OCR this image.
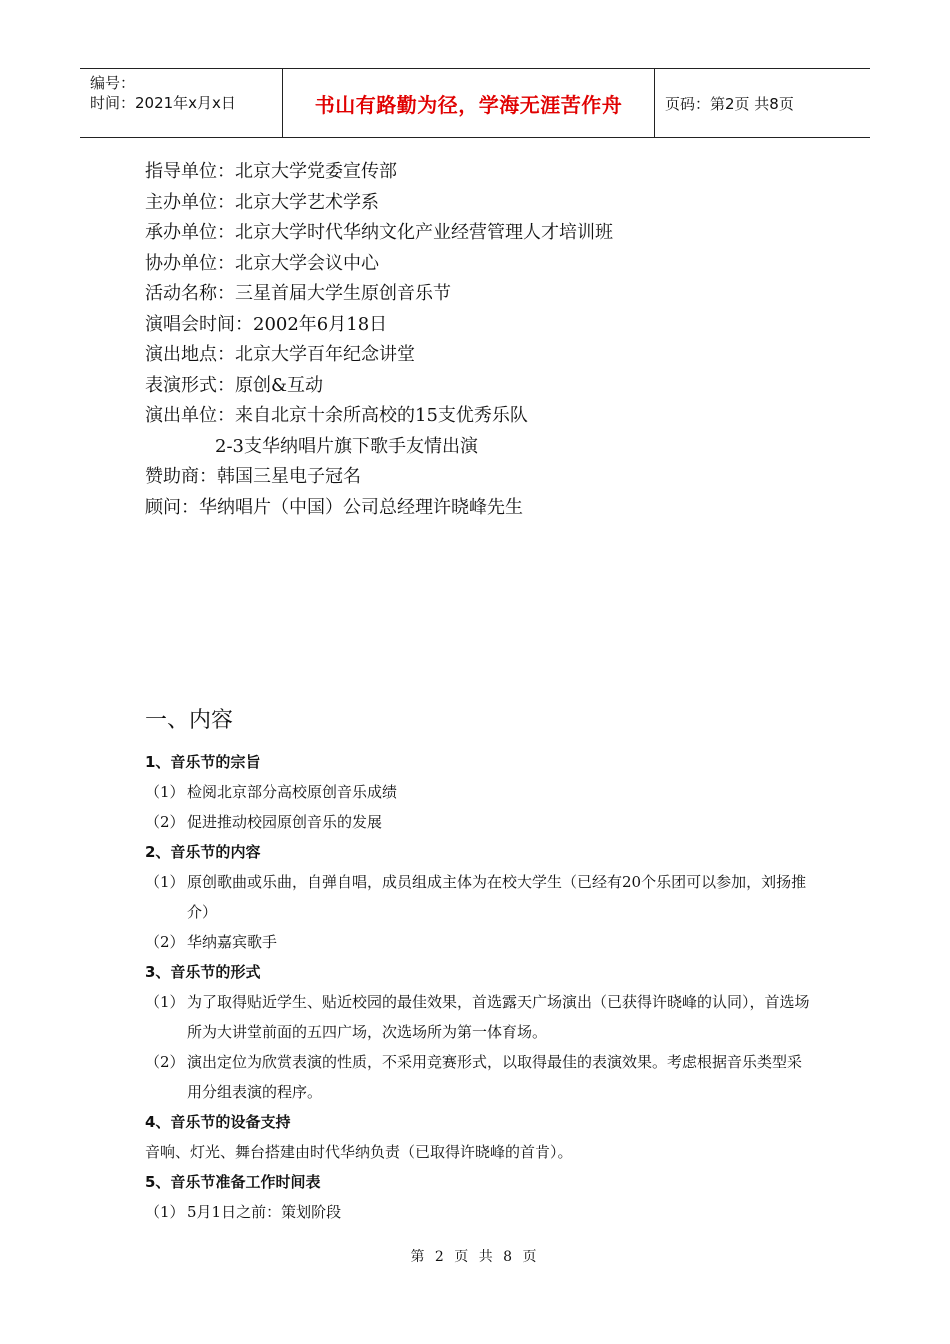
编号：
时间：2021年x月x日	书山有路勤为径，学海无涯苦作舟	页码：第2页 共8页
指导单位：北京大学党委宣传部
主办单位：北京大学艺术学系
承办单位：北京大学时代华纳文化产业经营管理人才培训班
协办单位：北京大学会议中心
活动名称：三星首届大学生原创音乐节
演唱会时间：2002年6月18日
演出地点：北京大学百年纪念讲堂
表演形式：原创&互动
演出单位：来自北京十余所高校的15支优秀乐队
2-3支华纳唱片旗下歌手友情出演
赞助商：韩国三星电子冠名
顾问：华纳唱片（中国）公司总经理许晓峰先生
一、内容
1、音乐节的宗旨
（1） 检阅北京部分高校原创音乐成绩
（2） 促进推动校园原创音乐的发展
2、音乐节的内容
（1） 原创歌曲或乐曲，自弹自唱，成员组成主体为在校大学生（已经有20个乐团可以参加，刘扬推介）
（2） 华纳嘉宾歌手
3、音乐节的形式
（1） 为了取得贴近学生、贴近校园的最佳效果，首选露天广场演出（已获得许晓峰的认同），首选场所为大讲堂前面的五四广场，次选场所为第一体育场。
（2） 演出定位为欣赏表演的性质，不采用竞赛形式，以取得最佳的表演效果。考虑根据音乐类型采用分组表演的程序。
4、音乐节的设备支持
音响、灯光、舞台搭建由时代华纳负责（已取得许晓峰的首肯）。
5、音乐节准备工作时间表
（1） 5月1日之前：策划阶段
第 2 页 共 8 页
